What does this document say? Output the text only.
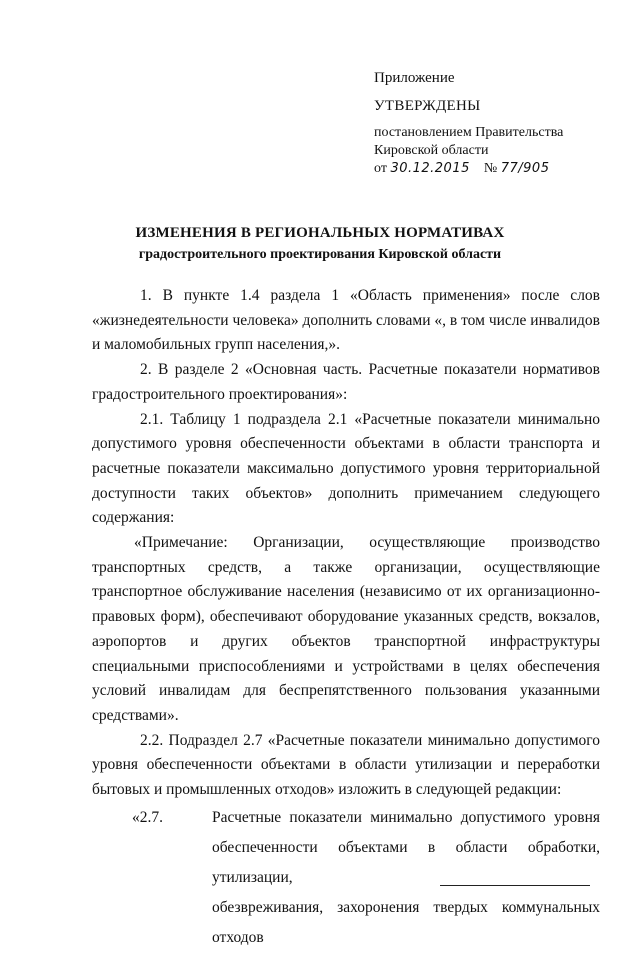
Приложение
УТВЕРЖДЕНЫ
постановлением Правительства
Кировской области
от 30.12.2015 № 77/905
ИЗМЕНЕНИЯ В РЕГИОНАЛЬНЫХ НОРМАТИВАХ
градостроительного проектирования Кировской области

1. В пункте 1.4 раздела 1 «Область применения» после слов «жизнедеятельности человека» дополнить словами «, в том числе инвалидов и маломобильных групп населения,».

2. В разделе 2 «Основная часть. Расчетные показатели нормативов градостроительного проектирования»:

2.1. Таблицу 1 подраздела 2.1 «Расчетные показатели минимально допустимого уровня обеспеченности объектами в области транспорта и расчетные показатели максимально допустимого уровня территориальной доступности таких объектов» дополнить примечанием следующего содержания:

«Примечание: Организации, осуществляющие производство транспортных средств, а также организации, осуществляющие транспортное обслуживание населения (независимо от их организационно-правовых форм), обеспечивают оборудование указанных средств, вокзалов, аэропортов и других объектов транспортной инфраструктуры специальными приспособлениями и устройствами в целях обеспечения условий инвалидам для беспрепятственного пользования указанными средствами».

2.2. Подраздел 2.7 «Расчетные показатели минимально допустимого уровня обеспеченности объектами в области утилизации и переработки бытовых и промышленных отходов» изложить в следующей редакции:

«2.7.	Расчетные показатели минимально допустимого уровня
обеспеченности объектами в области обработки, утилизации,
обезвреживания, захоронения твердых коммунальных отходов
